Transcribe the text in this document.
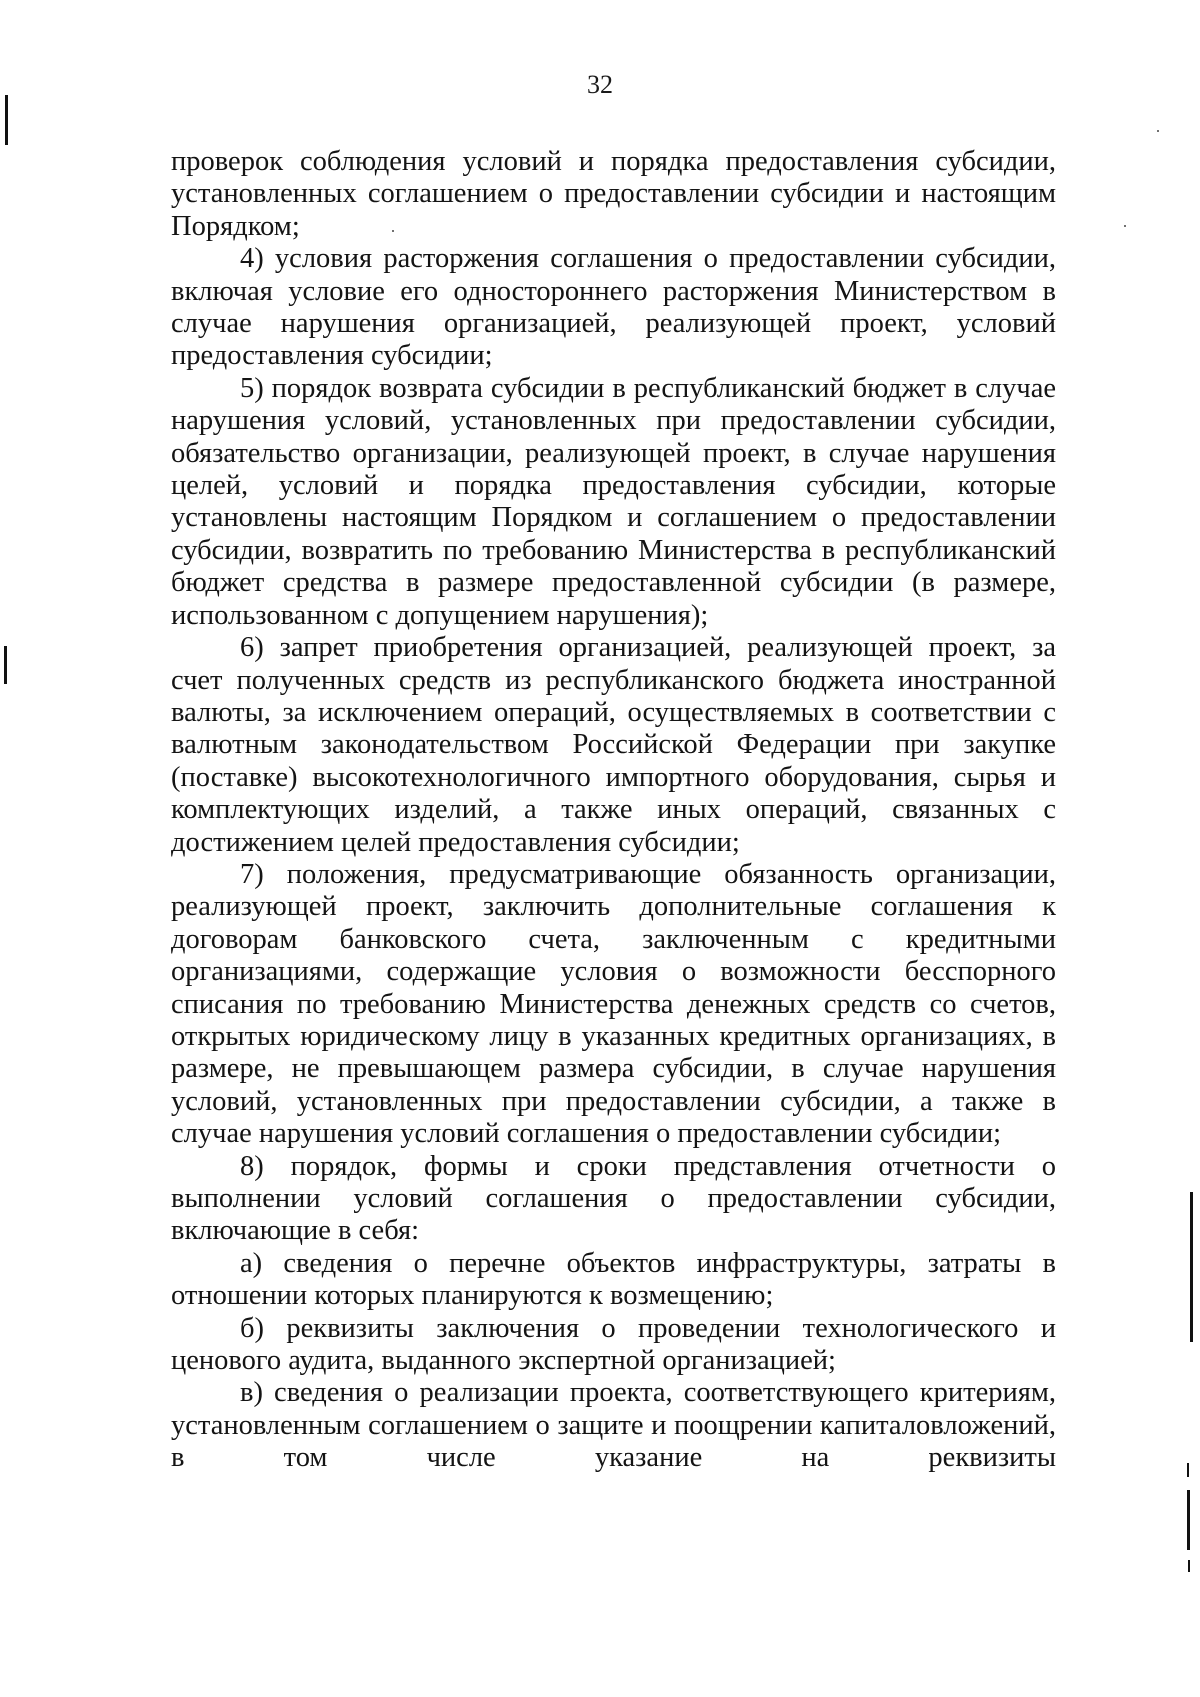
32

проверок соблюдения условий и порядка предоставления субсидии, установленных соглашением о предоставлении субсидии и настоящим Порядком;

4) условия расторжения соглашения о предоставлении субсидии, включая условие его одностороннего расторжения Министерством в случае нарушения организацией, реализующей проект, условий предоставления субсидии;

5) порядок возврата субсидии в республиканский бюджет в случае нарушения условий, установленных при предоставлении субсидии, обязательство организации, реализующей проект, в случае нарушения целей, условий и порядка предоставления субсидии, которые установлены настоящим Порядком и соглашением о предоставлении субсидии, возвратить по требованию Министерства в республиканский бюджет средства в размере предоставленной субсидии (в размере, использованном с допущением нарушения);

6) запрет приобретения организацией, реализующей проект, за счет полученных средств из республиканского бюджета иностранной валюты, за исключением операций, осуществляемых в соответствии с валютным законодательством Российской Федерации при закупке (поставке) высокотехнологичного импортного оборудования, сырья и комплектующих изделий, а также иных операций, связанных с достижением целей предоставления субсидии;

7) положения, предусматривающие обязанность организации, реализующей проект, заключить дополнительные соглашения к договорам банковского счета, заключенным с кредитными организациями, содержащие условия о возможности бесспорного списания по требованию Министерства денежных средств со счетов, открытых юридическому лицу в указанных кредитных организациях, в размере, не превышающем размера субсидии, в случае нарушения условий, установленных при предоставлении субсидии, а также в случае нарушения условий соглашения о предоставлении субсидии;

8) порядок, формы и сроки представления отчетности о выполнении условий соглашения о предоставлении субсидии, включающие в себя:

а) сведения о перечне объектов инфраструктуры, затраты в отношении которых планируются к возмещению;

б) реквизиты заключения о проведении технологического и ценового аудита, выданного экспертной организацией;

в) сведения о реализации проекта, соответствующего критериям, установленным соглашением о защите и поощрении капиталовложений, в том числе указание на реквизиты
